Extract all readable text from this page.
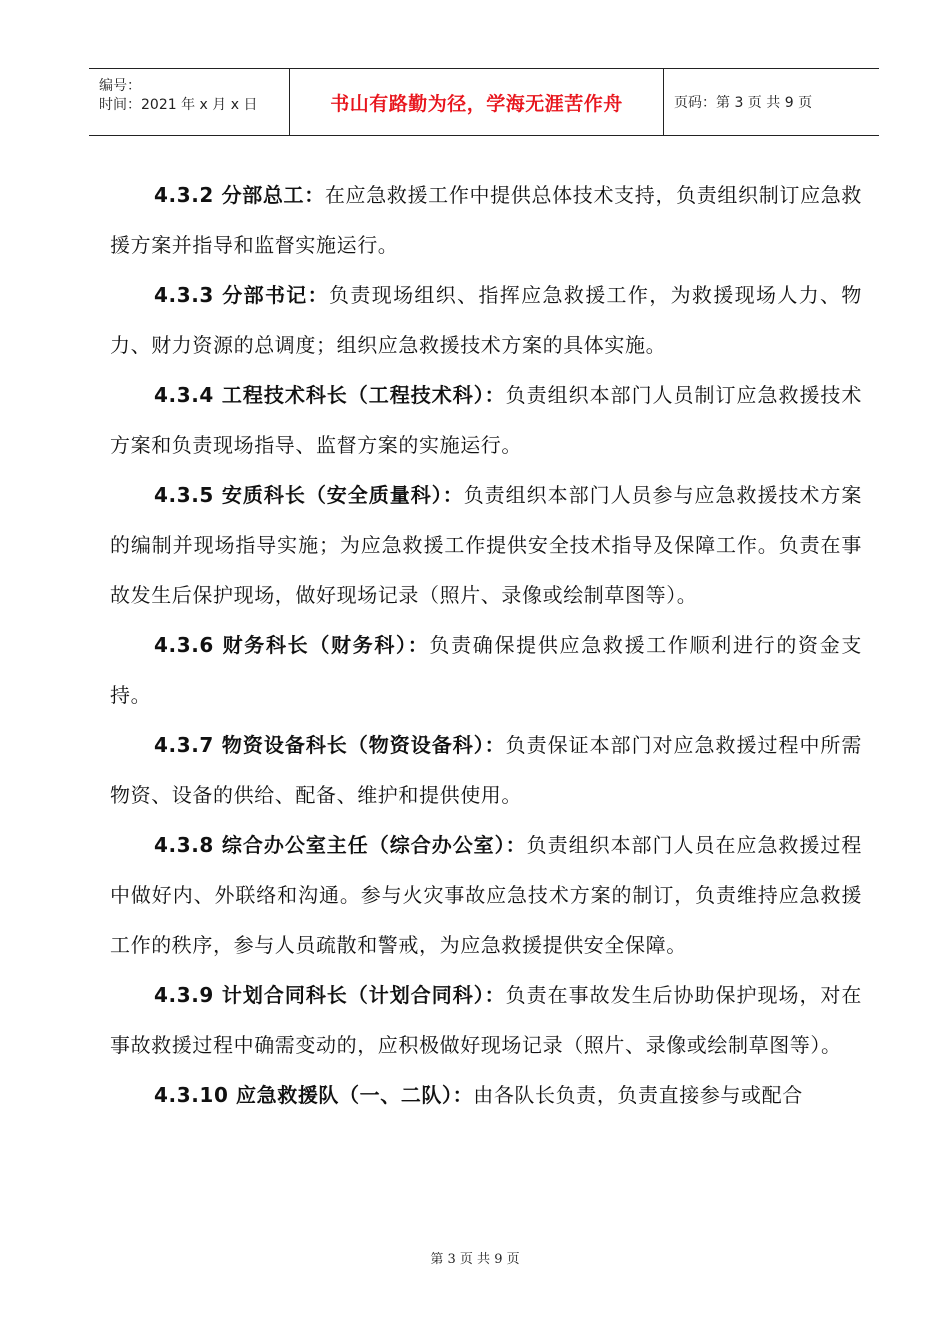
编号：
时间：2021 年 x 月 x 日	书山有路勤为径，学海无涯苦作舟	页码：第 3 页 共 9 页

4.3.2 分部总工：在应急救援工作中提供总体技术支持，负责组织制订应急救援方案并指导和监督实施运行。

4.3.3 分部书记：负责现场组织、指挥应急救援工作，为救援现场人力、物力、财力资源的总调度；组织应急救援技术方案的具体实施。

4.3.4 工程技术科长（工程技术科）：负责组织本部门人员制订应急救援技术方案和负责现场指导、监督方案的实施运行。

4.3.5 安质科长（安全质量科）：负责组织本部门人员参与应急救援技术方案的编制并现场指导实施；为应急救援工作提供安全技术指导及保障工作。负责在事故发生后保护现场，做好现场记录（照片、录像或绘制草图等）。

4.3.6 财务科长（财务科）：负责确保提供应急救援工作顺利进行的资金支持。

4.3.7 物资设备科长（物资设备科）：负责保证本部门对应急救援过程中所需物资、设备的供给、配备、维护和提供使用。

4.3.8 综合办公室主任（综合办公室）：负责组织本部门人员在应急救援过程中做好内、外联络和沟通。参与火灾事故应急技术方案的制订，负责维持应急救援工作的秩序，参与人员疏散和警戒，为应急救援提供安全保障。

4.3.9 计划合同科长（计划合同科）：负责在事故发生后协助保护现场，对在事故救援过程中确需变动的，应积极做好现场记录（照片、录像或绘制草图等）。

4.3.10 应急救援队（一、二队）：由各队长负责，负责直接参与或配合

第 3 页 共 9 页
